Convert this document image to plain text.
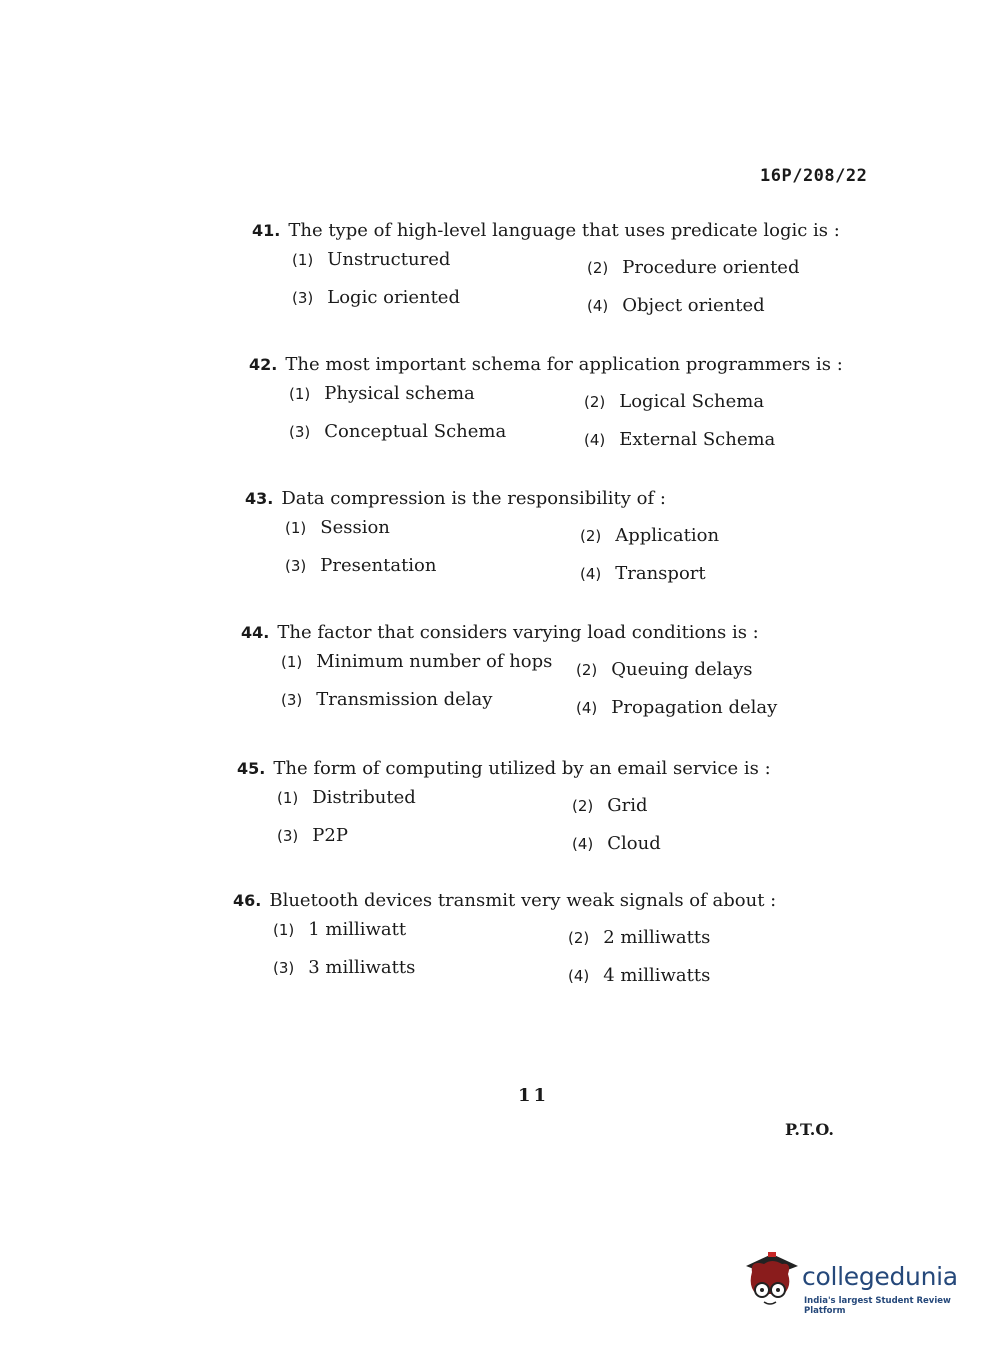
16P/208/22
41. The type of high-level language that uses predicate logic is :
(1) Unstructured	(2) Procedure oriented
(3) Logic oriented	(4) Object oriented
42. The most important schema for application programmers is :
(1) Physical schema	(2) Logical Schema
(3) Conceptual Schema	(4) External Schema
43. Data compression is the responsibility of :
(1) Session	(2) Application
(3) Presentation	(4) Transport
44. The factor that considers varying load conditions is :
(1) Minimum number of hops (2) Queuing delays
(3) Transmission delay	(4) Propagation delay
45. The form of computing utilized by an email service is :
(1) Distributed	(2) Grid
(3) P2P	(4) Cloud
46. Bluetooth devices transmit very weak signals of about :
(1) 1 milliwatt	(2) 2 milliwatts
(3) 3 milliwatts	(4) 4 milliwatts
11
P.T.O.
collegedunia
India's largest Student Review Platform
